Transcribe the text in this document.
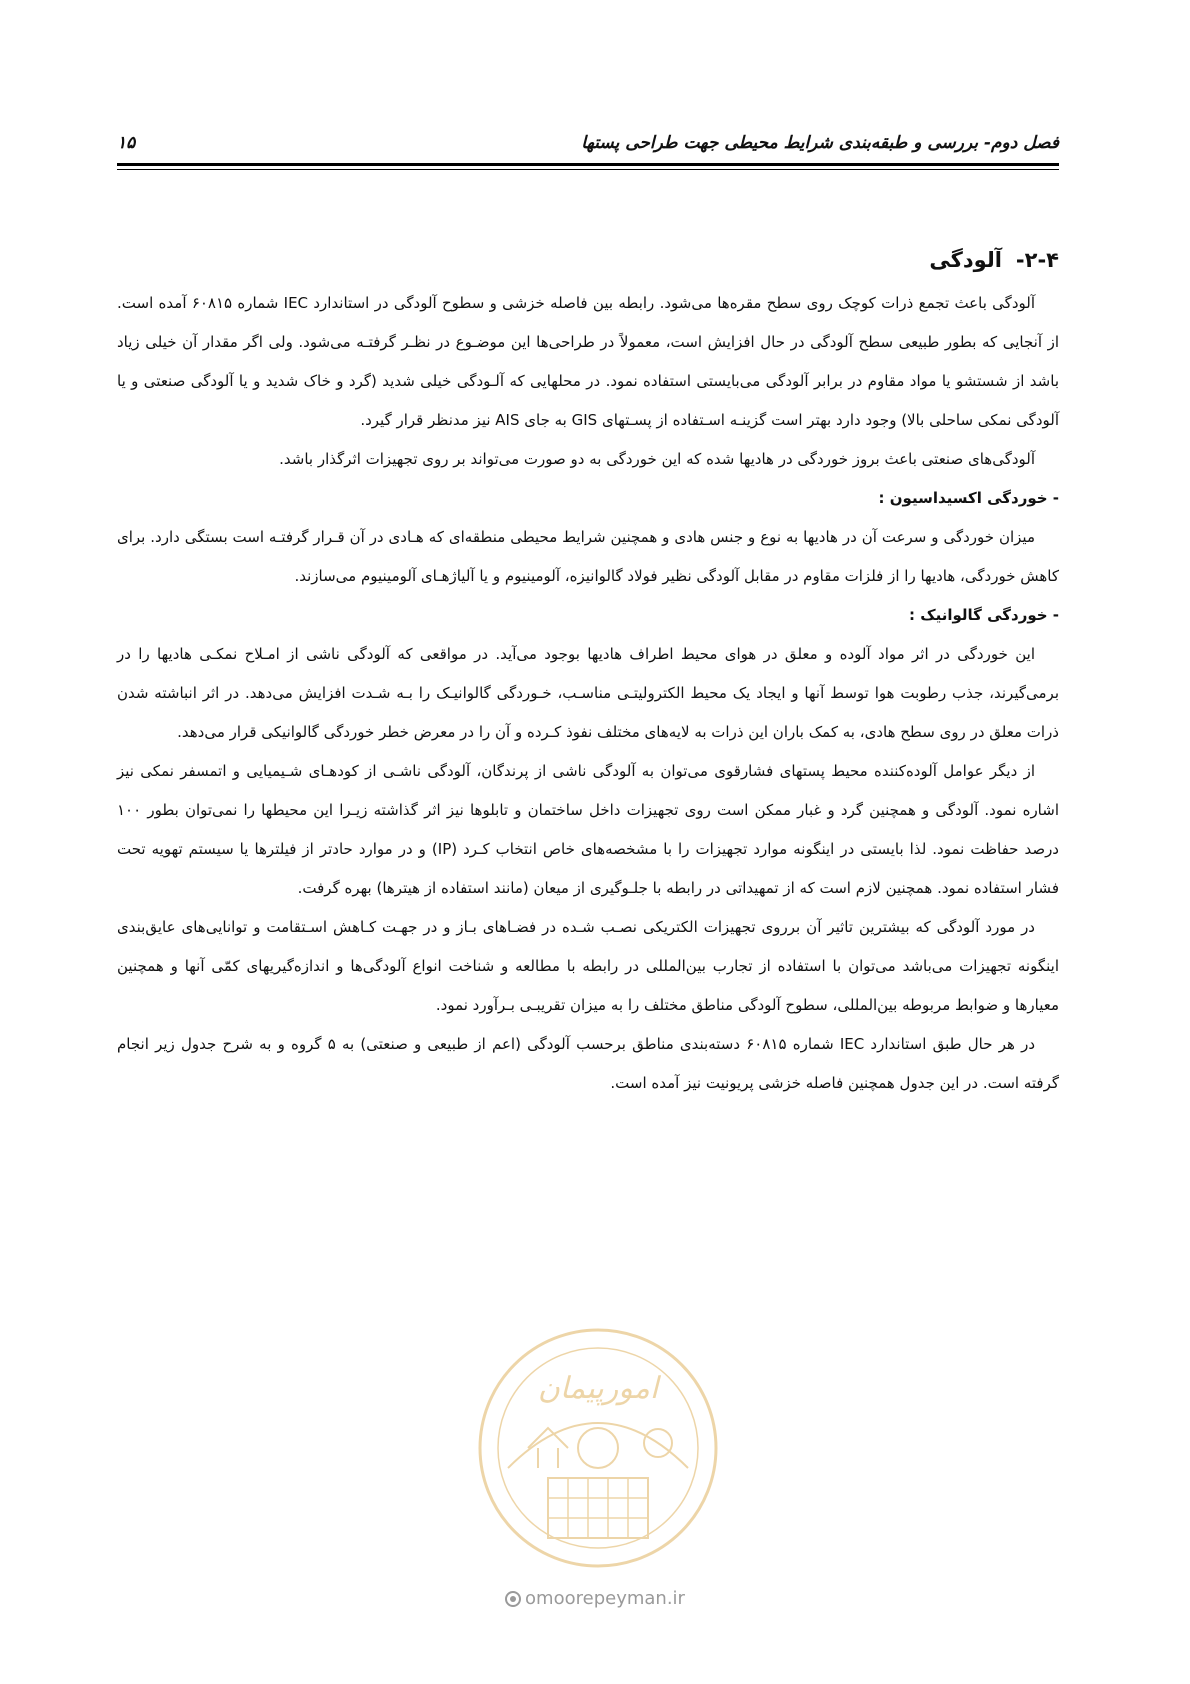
۱۵	فصل دوم- بررسی و طبقه‌بندی شرایط محیطی جهت طراحی پستها
۲-۴-
آلودگی

آلودگی باعث تجمع ذرات کوچک روی سطح مقره‌ها می‌شود. رابطه بین فاصله خزشی و سطوح آلودگی در استاندارد IEC شماره ۶۰۸۱۵ آمده است. از آنجایی که بطور طبیعی سطح آلودگی در حال افزایش است، معمولاً در طراحی‌ها این موضـوع در نظـر گرفتـه می‌شود. ولی اگر مقدار آن خیلی زیاد باشد از شستشو یا مواد مقاوم در برابر آلودگی می‌بایستی استفاده نمود. در محلهایی که آلـودگی خیلی شدید (گرد و خاک شدید و یا آلودگی صنعتی و یا آلودگی نمکی ساحلی بالا) وجود دارد بهتر است گزینـه اسـتفاده از پسـتهای GIS به جای AIS نیز مدنظر قرار گیرد.

آلودگی‌های صنعتی باعث بروز خوردگی در هادیها شده که این خوردگی به دو صورت می‌تواند بر روی تجهیزات اثرگذار باشد.

- خوردگی اکسیداسیون :

میزان خوردگی و سرعت آن در هادیها به نوع و جنس هادی و همچنین شرایط محیطی منطقه‌ای که هـادی در آن قـرار گرفتـه است بستگی دارد. برای کاهش خوردگی، هادیها را از فلزات مقاوم در مقابل آلودگی نظیر فولاد گالوانیزه، آلومینیوم و یا آلیاژهـای آلومینیوم می‌سازند.

- خوردگی گالوانیک :

این خوردگی در اثر مواد آلوده و معلق در هوای محیط اطراف هادیها بوجود می‌آید. در مواقعی که آلودگی ناشی از امـلاح نمکـی هادیها را در برمی‌گیرند، جذب رطوبت هوا توسط آنها و ایجاد یک محیط الکترولیتـی مناسـب، خـوردگی گالوانیـک را بـه شـدت افزایش می‌دهد. در اثر انباشته شدن ذرات معلق در روی سطح هادی، به کمک باران این ذرات به لایه‌های مختلف نفوذ کـرده و آن را در معرض خطر خوردگی گالوانیکی قرار می‌دهد.

از دیگر عوامل آلوده‌کننده محیط پستهای فشارقوی می‌توان به آلودگی ناشی از پرندگان، آلودگی ناشـی از کودهـای شـیمیایی و اتمسفر نمکی نیز اشاره نمود. آلودگی و همچنین گرد و غبار ممکن است روی تجهیزات داخل ساختمان و تابلوها نیز اثر گذاشته زیـرا این محیطها را نمی‌توان بطور ۱۰۰ درصد حفاظت نمود. لذا بایستی در اینگونه موارد تجهیزات را با مشخصه‌های خاص انتخاب کـرد (IP) و در موارد حادتر از فیلترها یا سیستم تهویه تحت فشار استفاده نمود. همچنین لازم است که از تمهیداتی در رابطه با جلـوگیری از میعان (مانند استفاده از هیترها) بهره گرفت.

در مورد آلودگی که بیشترین تاثیر آن برروی تجهیزات الکتریکی نصـب شـده در فضـاهای بـاز و در جهـت کـاهش اسـتقامت و توانایی‌های عایق‌بندی اینگونه تجهیزات می‌باشد می‌توان با استفاده از تجارب بین‌المللی در رابطه با مطالعه و شناخت انواع آلودگی‌ها و اندازه‌گیریهای کمّی آنها و همچنین معیارها و ضوابط مربوطه بین‌المللی، سطوح آلودگی مناطق مختلف را به میزان تقریبـی بـرآورد نمود.

در هر حال طبق استاندارد IEC شماره ۶۰۸۱۵ دسته‌بندی مناطق برحسب آلودگی (اعم از طبیعی و صنعتی) به ۵ گروه و به شرح جدول زیر انجام گرفته است. در این جدول همچنین فاصله خزشی پریونیت نیز آمده است.

امورپیمان
omoorepeyman.ir
